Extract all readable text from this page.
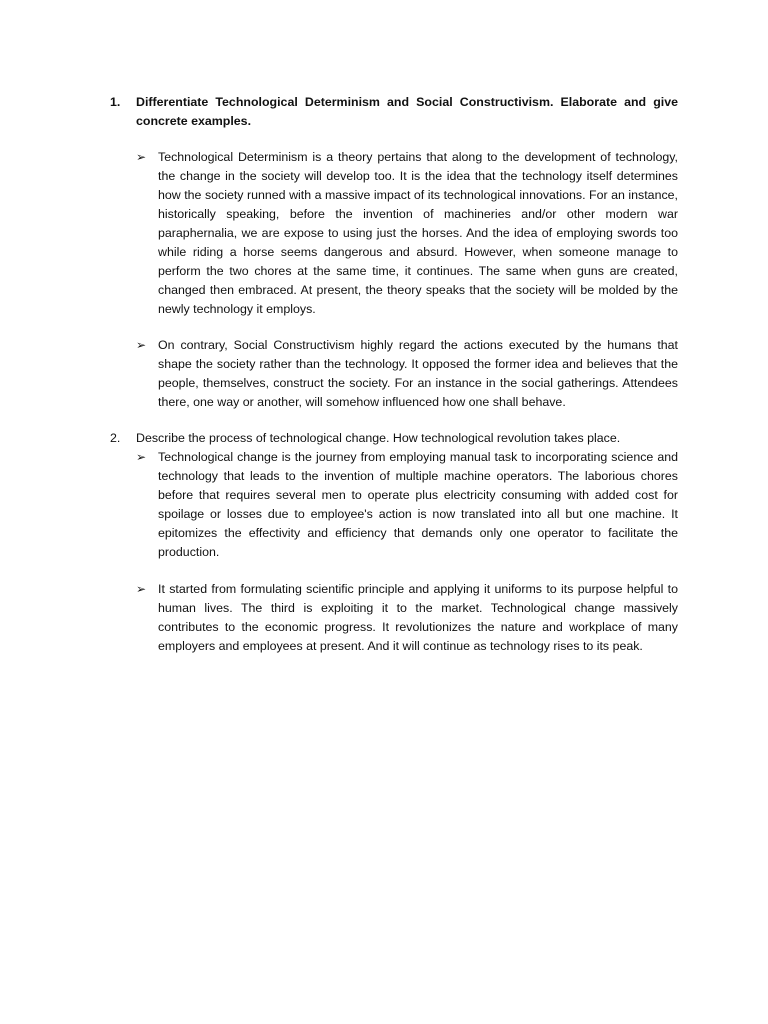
1.	Differentiate Technological Determinism and Social Constructivism. Elaborate and give concrete examples.
➢ Technological Determinism is a theory pertains that along to the development of technology, the change in the society will develop too. It is the idea that the technology itself determines how the society runned with a massive impact of its technological innovations. For an instance, historically speaking, before the invention of machineries and/or other modern war paraphernalia, we are expose to using just the horses. And the idea of employing swords too while riding a horse seems dangerous and absurd. However, when someone manage to perform the two chores at the same time, it continues. The same when guns are created, changed then embraced. At present, the theory speaks that the society will be molded by the newly technology it employs.
➢ On contrary, Social Constructivism highly regard the actions executed by the humans that shape the society rather than the technology. It opposed the former idea and believes that the people, themselves, construct the society. For an instance in the social gatherings. Attendees there, one way or another, will somehow influenced how one shall behave.
2.	Describe the process of technological change. How technological revolution takes place.
➢ Technological change is the journey from employing manual task to incorporating science and technology that leads to the invention of multiple machine operators. The laborious chores before that requires several men to operate plus electricity consuming with added cost for spoilage or losses due to employee's action is now translated into all but one machine. It epitomizes the effectivity and efficiency that demands only one operator to facilitate the production.
➢ It started from formulating scientific principle and applying it uniforms to its purpose helpful to human lives. The third is exploiting it to the market. Technological change massively contributes to the economic progress. It revolutionizes the nature and workplace of many employers and employees at present. And it will continue as technology rises to its peak.
